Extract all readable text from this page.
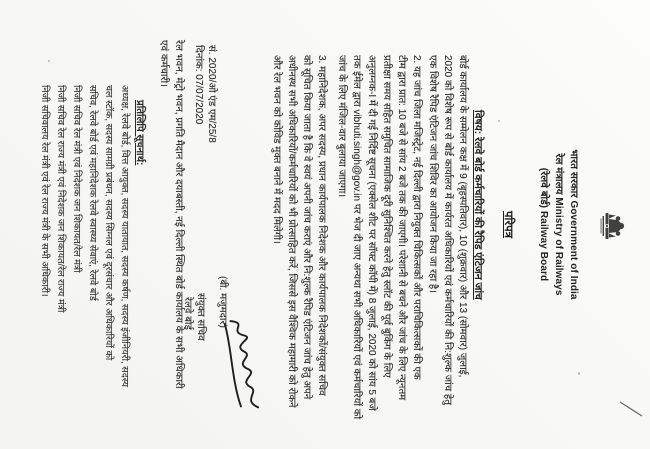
भारत सरकार Government of India
रेल मंत्रालय Ministry of Railways
(रेलवे बोर्ड) Railway Board
परिपत्र
विषय: रेलवे बोर्ड कर्मचारियों की रैपिड एंटिजन जांच
बोर्ड कार्यालय के सम्मेलन कक्ष में 9 (बृहस्पतिवार), 10 (शुक्रवार) और 13 (सोमवार) जुलाई,
2020 को विशेष रूप से बोर्ड कार्यालय में कार्यरत अधिकारियों एवं कर्मचारियों की नि:शुल्क जांच हेतु
एक विशेष रैपिड एंटिजन जांच शिविर का आयोजन किया जा रहा है।
2. यह जांच जिला मजिस्ट्रेट, नई दिल्ली द्वारा नियुक्त चिकित्सकों और पराचिकित्सकों की एक
टीम द्वारा प्रात: 10 बजे से सांय 2 बजे तक की जाएगी। परेशानी से बचने और जांच के लिए न्यूनतम
प्रतीक्षा समय सहित समुचित सामाजिक दूरी सुनिश्चित करने हेतु स्लॉट की पूर्व बुकिंग के लिए
अनुलग्नक-I में दी गई निर्दिष्ट सूचना (एक्सेल शीट पर सॉफ्ट कॉपी में) 8 जुलाई, 2020 को सांय 5 बजे
तक ईमेल द्वारा vibhuti.singh@gov.in पर भेज दी जाए अन्यथा सभी अधिकारियों एवं कर्मचारियों को
जांच के लिए मंजिल-वार बुलाया जाएगा।
3. महानिदेशक, अपर सदस्य, प्रधान कार्यपालक निदेशक और कार्यपालक निदेशकों/संयुक्त सचिव
को सूचित किया जाता है कि वे स्वयं अपनी जांच कराएं और नि:शुल्क रैपिड एंटिजन जांच हेतु अपने
अधीनस्थ सभी अधिकारियों/कर्मचारियों को भी प्रोत्साहित करें, जिससे इस वैश्विक महामारी को रोकने
और रेल भवन को कोविड मुक्त बनाने में मदद मिलेगी।
(बी. मजुमदार)
संयुक्त सचिव
रेलवे बोर्ड
सं. 2020/ओ एंड एम/25/8
दिनांक: 07/07/2020
रेल भवन, मेट्रो भवन, प्रगति मैदान और दयाबस्ती, नई दिल्ली स्थित बोर्ड कार्यालय के सभी अधिकारी
एवं कर्मचारी।
प्रतिलिपि सूचनार्थ:
अध्यक्ष, रेलवे बोर्ड, वित्त आयुक्त, सदस्य यातायात, सदस्य कर्षण, सदस्य इंजीनियरी, सदस्य
चल स्टॉक, सदस्य सामग्री प्रबंधन, सदस्य सिग्नल एवं दूरसंचार और अधिकारियों को
सचिव, रेलवे बोर्ड एवं महानिदेशक रेलवे स्वास्थ्य सेवाएं, रेलवे बोर्ड
निजी सचिव रेल मंत्री एवं निदेशक जन शिकायत/रेल मंत्री
निजी सचिव रेल राज्य मंत्री एवं निदेशक जन शिकायत/रेल राज्य मंत्री
निजी सचिवालय रेल मंत्री एवं रेल राज्य मंत्री के सभी अधिकारी।
